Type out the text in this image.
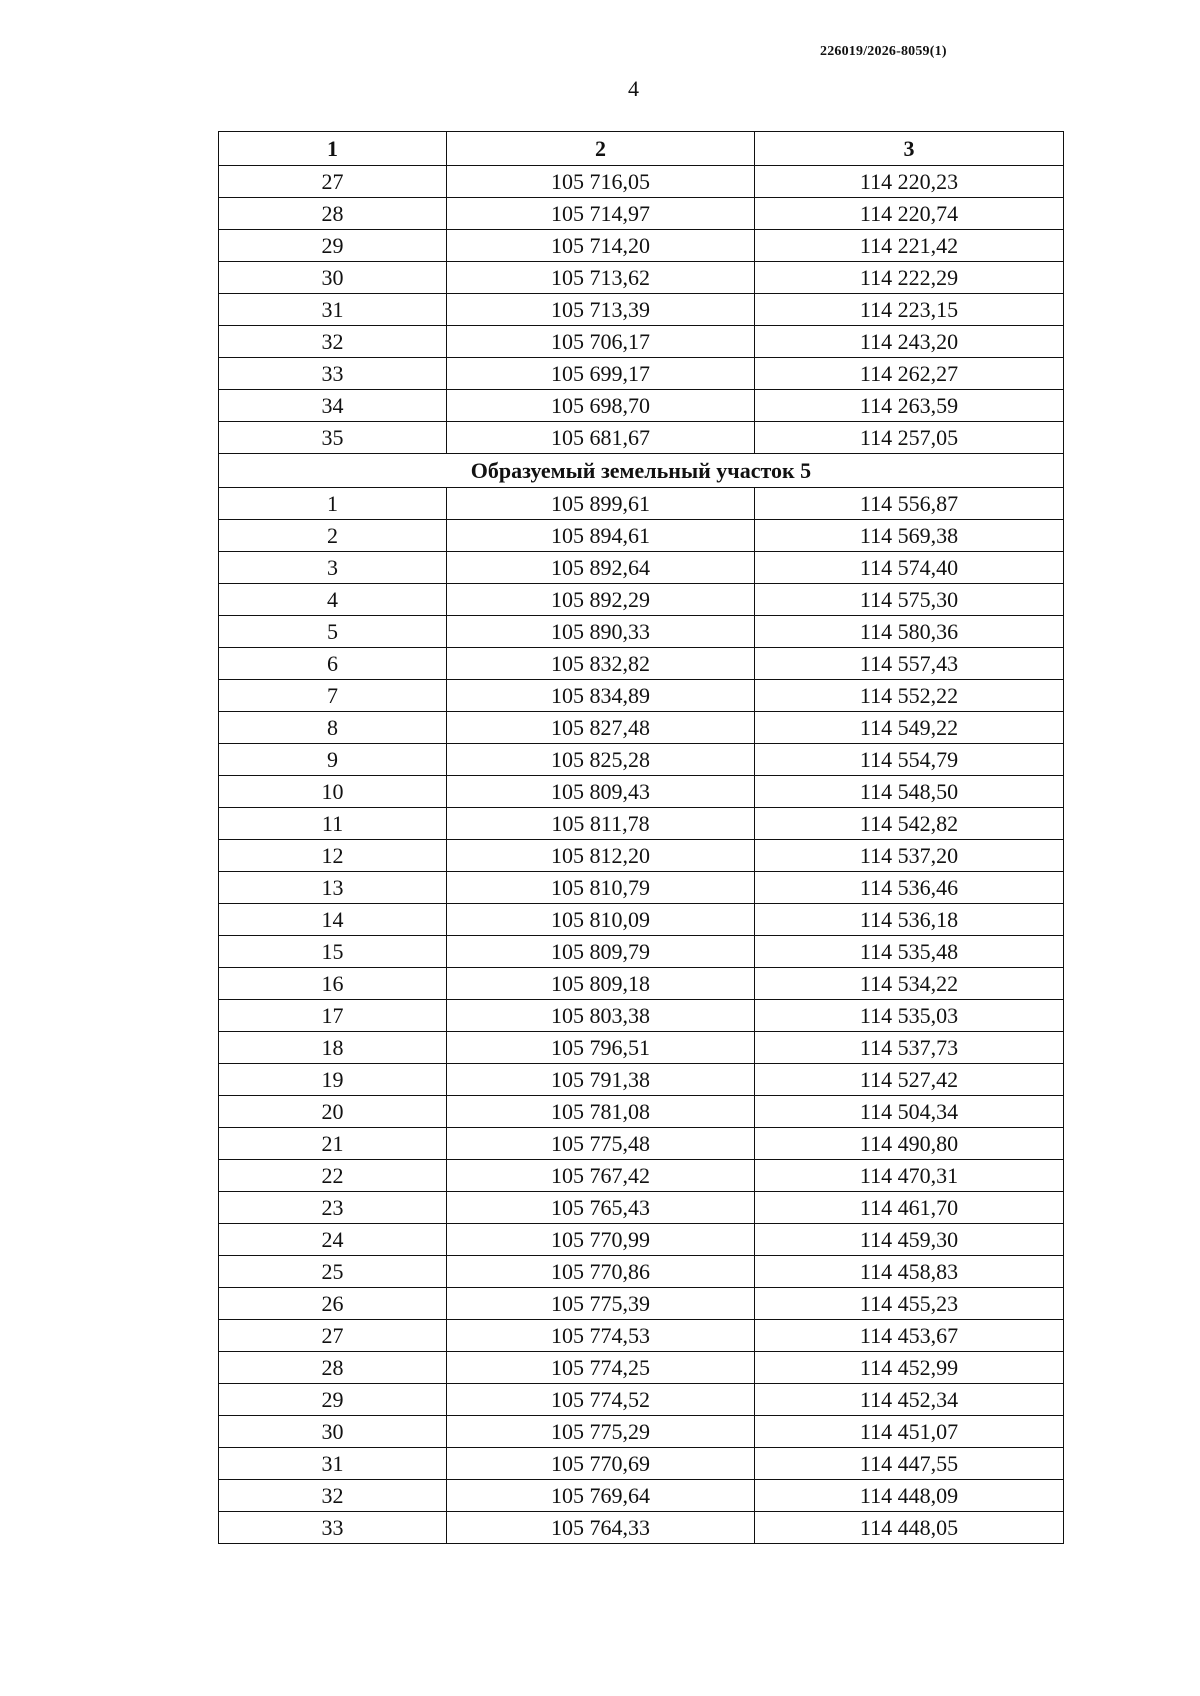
226019/2026-8059(1)
4
1	2	3
27	105 716,05	114 220,23
28	105 714,97	114 220,74
29	105 714,20	114 221,42
30	105 713,62	114 222,29
31	105 713,39	114 223,15
32	105 706,17	114 243,20
33	105 699,17	114 262,27
34	105 698,70	114 263,59
35	105 681,67	114 257,05
Образуемый земельный участок 5		
1	105 899,61	114 556,87
2	105 894,61	114 569,38
3	105 892,64	114 574,40
4	105 892,29	114 575,30
5	105 890,33	114 580,36
6	105 832,82	114 557,43
7	105 834,89	114 552,22
8	105 827,48	114 549,22
9	105 825,28	114 554,79
10	105 809,43	114 548,50
11	105 811,78	114 542,82
12	105 812,20	114 537,20
13	105 810,79	114 536,46
14	105 810,09	114 536,18
15	105 809,79	114 535,48
16	105 809,18	114 534,22
17	105 803,38	114 535,03
18	105 796,51	114 537,73
19	105 791,38	114 527,42
20	105 781,08	114 504,34
21	105 775,48	114 490,80
22	105 767,42	114 470,31
23	105 765,43	114 461,70
24	105 770,99	114 459,30
25	105 770,86	114 458,83
26	105 775,39	114 455,23
27	105 774,53	114 453,67
28	105 774,25	114 452,99
29	105 774,52	114 452,34
30	105 775,29	114 451,07
31	105 770,69	114 447,55
32	105 769,64	114 448,09
33	105 764,33	114 448,05
